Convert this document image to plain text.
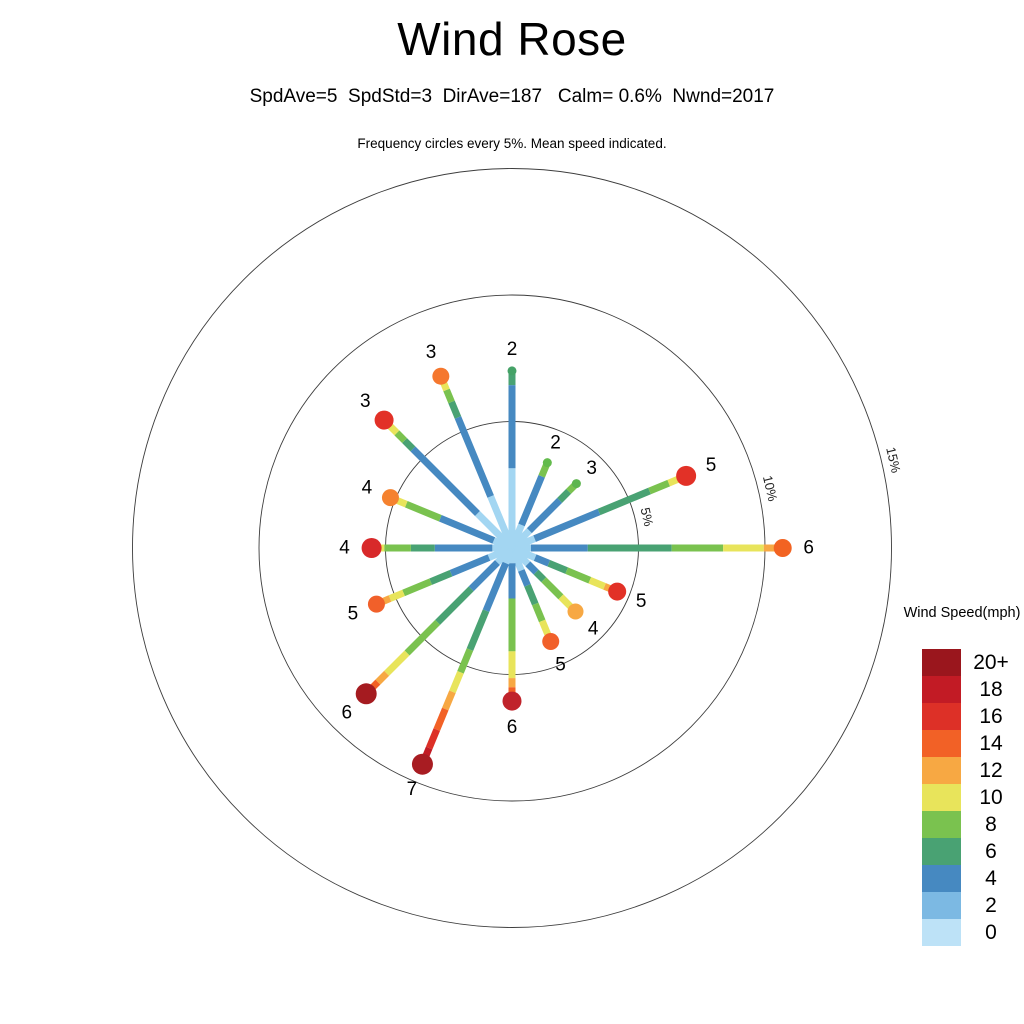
Wind Rose
SpdAve=5  SpdStd=3  DirAve=187   Calm= 0.6%  Nwnd=2017
Frequency circles every 5%. Mean speed indicated.
2
2
3	5
6
5
4
5
6
7
6
5
4
4
3
3
5%
10%
15%
Wind Speed(mph)
20+
18
16
14
12
10
8
6
4
2
0
